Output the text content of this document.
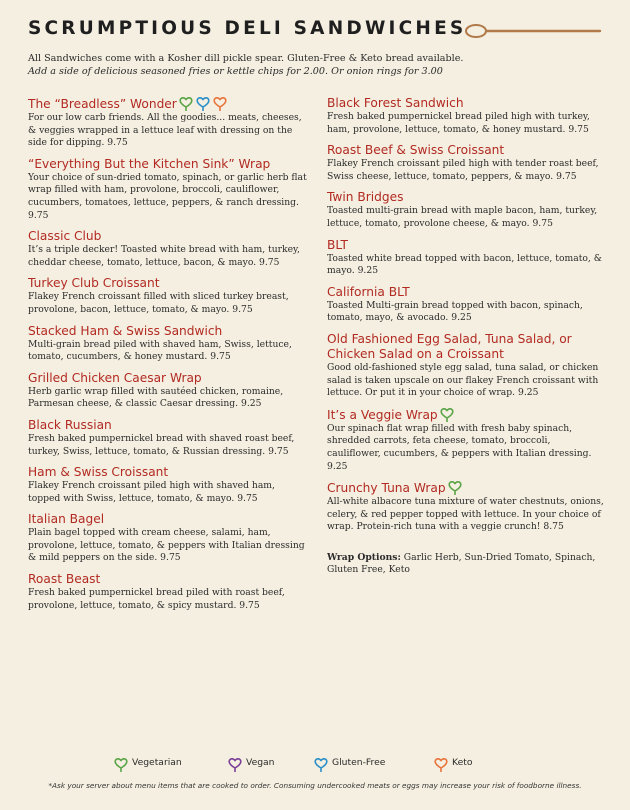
SCRUMPTIOUS DELI SANDWICHES
All Sandwiches come with a Kosher dill pickle spear. Gluten-Free & Keto bread available.
Add a side of delicious seasoned fries or kettle chips for 2.00. Or onion rings for 3.00
The “Breadless” Wonder
For our low carb friends. All the goodies... meats, cheeses, & veggies wrapped in a lettuce leaf with dressing on the side for dipping. 9.75
“Everything But the Kitchen Sink” Wrap
Your choice of sun-dried tomato, spinach, or garlic herb flat wrap filled with ham, provolone, broccoli, cauliflower, cucumbers, tomatoes, lettuce, peppers, & ranch dressing. 9.75
Classic Club
It’s a triple decker! Toasted white bread with ham, turkey, cheddar cheese, tomato, lettuce, bacon, & mayo. 9.75
Turkey Club Croissant
Flakey French croissant filled with sliced turkey breast, provolone, bacon, lettuce, tomato, & mayo. 9.75
Stacked Ham & Swiss Sandwich
Multi-grain bread piled with shaved ham, Swiss, lettuce, tomato, cucumbers, & honey mustard. 9.75
Grilled Chicken Caesar Wrap
Herb garlic wrap filled with sautéed chicken, romaine, Parmesan cheese, & classic Caesar dressing. 9.25
Black Russian
Fresh baked pumpernickel bread with shaved roast beef, turkey, Swiss, lettuce, tomato, & Russian dressing. 9.75
Ham & Swiss Croissant
Flakey French croissant piled high with shaved ham, topped with Swiss, lettuce, tomato, & mayo. 9.75
Italian Bagel
Plain bagel topped with cream cheese, salami, ham, provolone, lettuce, tomato, & peppers with Italian dressing & mild peppers on the side. 9.75
Roast Beast
Fresh baked pumpernickel bread piled with roast beef, provolone, lettuce, tomato, & spicy mustard. 9.75
Black Forest Sandwich
Fresh baked pumpernickel bread piled high with turkey, ham, provolone, lettuce, tomato, & honey mustard. 9.75
Roast Beef & Swiss Croissant
Flakey French croissant piled high with tender roast beef, Swiss cheese, lettuce, tomato, peppers, & mayo. 9.75
Twin Bridges
Toasted multi-grain bread with maple bacon, ham, turkey, lettuce, tomato, provolone cheese, & mayo. 9.75
BLT
Toasted white bread topped with bacon, lettuce, tomato, & mayo. 9.25
California BLT
Toasted Multi-grain bread topped with bacon, spinach, tomato, mayo, & avocado. 9.25
Old Fashioned Egg Salad, Tuna Salad, or Chicken Salad on a Croissant
Good old-fashioned style egg salad, tuna salad, or chicken salad is taken upscale on our flakey French croissant with lettuce. Or put it in your choice of wrap. 9.25
It’s a Veggie Wrap
Our spinach flat wrap filled with fresh baby spinach, shredded carrots, feta cheese, tomato, broccoli, cauliflower, cucumbers, & peppers with Italian dressing. 9.25
Crunchy Tuna Wrap
All-white albacore tuna mixture of water chestnuts, onions, celery, & red pepper topped with lettuce. In your choice of wrap. Protein-rich tuna with a veggie crunch! 8.75
Wrap Options: Garlic Herb, Sun-Dried Tomato, Spinach, Gluten Free, Keto
Vegetarian	Vegan	Gluten-Free	Keto
*Ask your server about menu items that are cooked to order. Consuming undercooked meats or eggs may increase your risk of foodborne illness.
